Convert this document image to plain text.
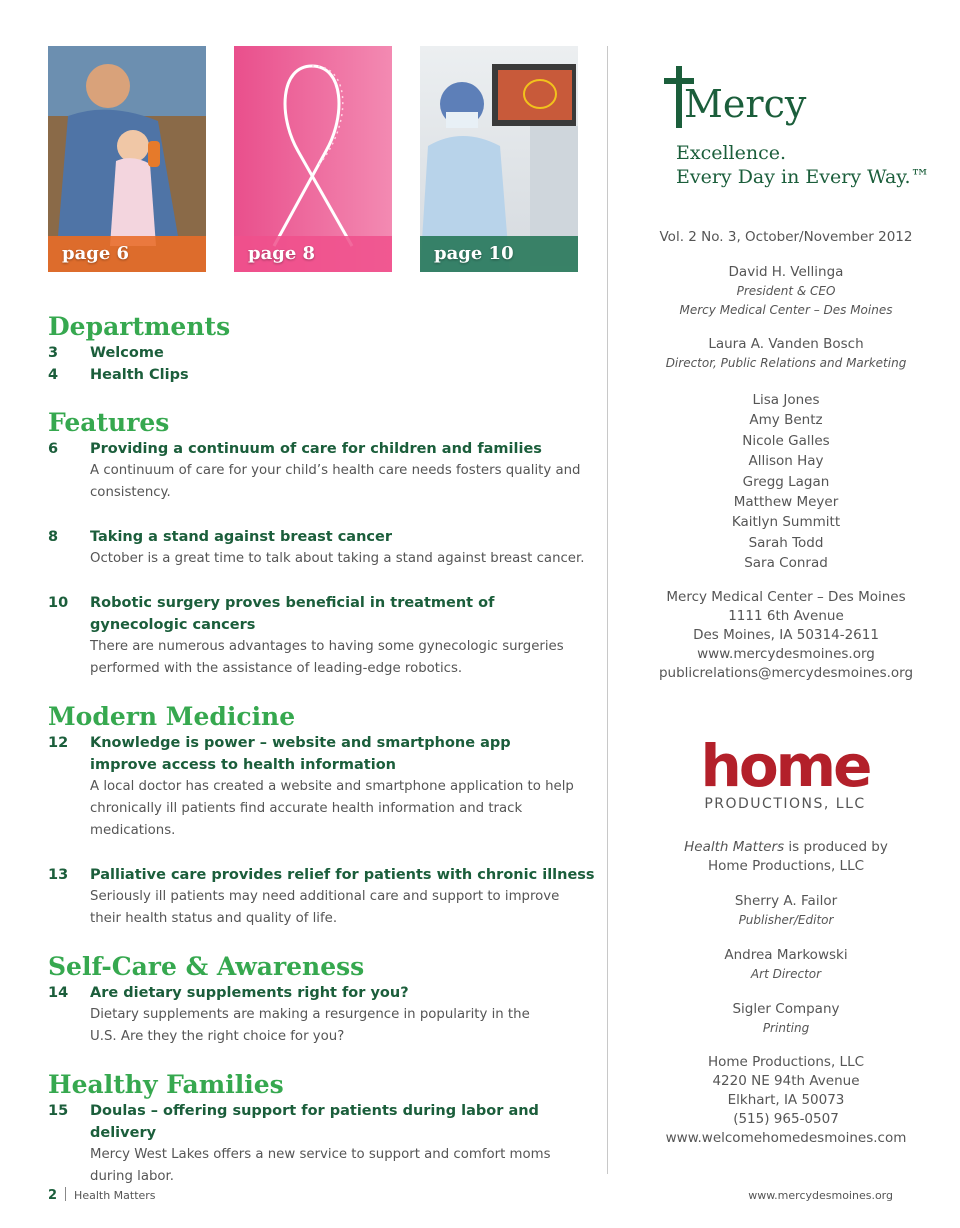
page 6	page 8	page 10
Departments
3 Welcome
4 Health Clips
Features
6 Providing a continuum of care for children and families
A continuum of care for your child’s health care needs fosters quality and consistency.
8 Taking a stand against breast cancer
October is a great time to talk about taking a stand against breast cancer.
10 Robotic surgery proves beneficial in treatment of gynecologic cancers
There are numerous advantages to having some gynecologic surgeries performed with the assistance of leading-edge robotics.
Modern Medicine
12 Knowledge is power – website and smartphone app improve access to health information
A local doctor has created a website and smartphone application to help chronically ill patients find accurate health information and track medications.
13 Palliative care provides relief for patients with chronic illness
Seriously ill patients may need additional care and support to improve their health status and quality of life.
Self-Care & Awareness
14 Are dietary supplements right for you?
Dietary supplements are making a resurgence in popularity in the U.S. Are they the right choice for you?
Healthy Families
15 Doulas – offering support for patients during labor and delivery
Mercy West Lakes offers a new service to support and comfort moms during labor.
Mercy
Excellence.
Every Day in Every Way.™
Vol. 2 No. 3, October/November 2012
David H. Vellinga
President & CEO
Mercy Medical Center – Des Moines
Laura A. Vanden Bosch
Director, Public Relations and Marketing
Lisa Jones
Amy Bentz
Nicole Galles
Allison Hay
Gregg Lagan
Matthew Meyer
Kaitlyn Summitt
Sarah Todd
Sara Conrad
Mercy Medical Center – Des Moines
1111 6th Avenue
Des Moines, IA 50314-2611
www.mercydesmoines.org
publicrelations@mercydesmoines.org
home
PRODUCTIONS, LLC
Health Matters is produced by
Home Productions, LLC
Sherry A. Failor
Publisher/Editor
Andrea Markowski
Art Director
Sigler Company
Printing
Home Productions, LLC
4220 NE 94th Avenue
Elkhart, IA 50073
(515) 965-0507
www.welcomehomedesmoines.com
2 Health Matters	www.mercydesmoines.org
